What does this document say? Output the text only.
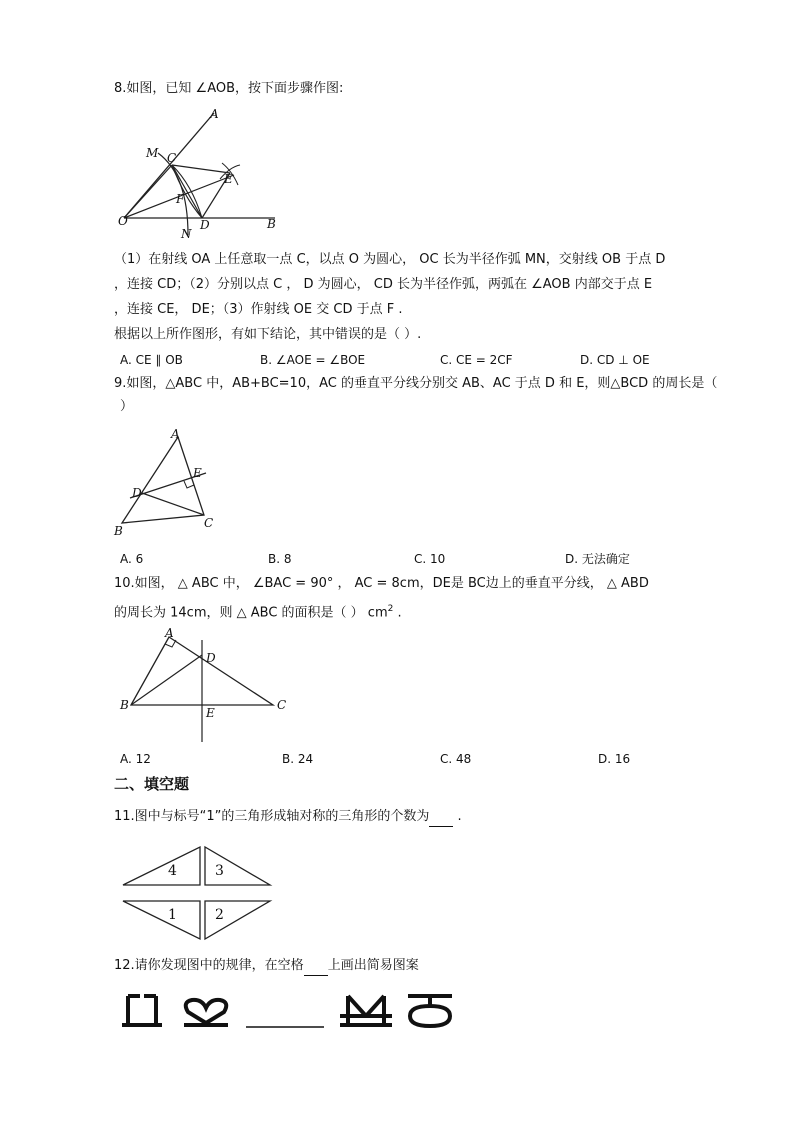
8.如图，已知 ∠AOB，按下面步骤作图:
A
M C
E
F
O	D
N
B
（1）在射线 OA 上任意取一点 C，以点 O 为圆心， OC 长为半径作弧 MN，交射线 OB 于点 D
，连接 CD；（2）分别以点 C ， D 为圆心， CD 长为半径作弧，两弧在 ∠AOB 内部交于点 E
，连接 CE， DE；（3）作射线 OE 交 CD 于点 F .
根据以上所作图形，有如下结论，其中错误的是（ ）.
A. CE ∥ OB	B. ∠AOE = ∠BOE	C. CE = 2CF	D. CD ⊥ OE
9.如图，△ABC 中，AB+BC=10，AC 的垂直平分线分别交 AB、AC 于点 D 和 E，则△BCD 的周长是（
）
A
E
D
B
C
A. 6	B. 8	C. 10	D. 无法确定
10.如图， △ ABC 中， ∠BAC = 90° ， AC = 8cm，DE是 BC边上的垂直平分线， △ ABD
的周长为 14cm，则 △ ABC 的面积是（ ） $cm^2$ .
A
D
B
E
C
A. 12	B. 24	C. 48	D. 16
二、填空题
11.图中与标号“1”的三角形成轴对称的三角形的个数为  .
4	3
1	2
12.请你发现图中的规律，在空格 上画出简易图案
